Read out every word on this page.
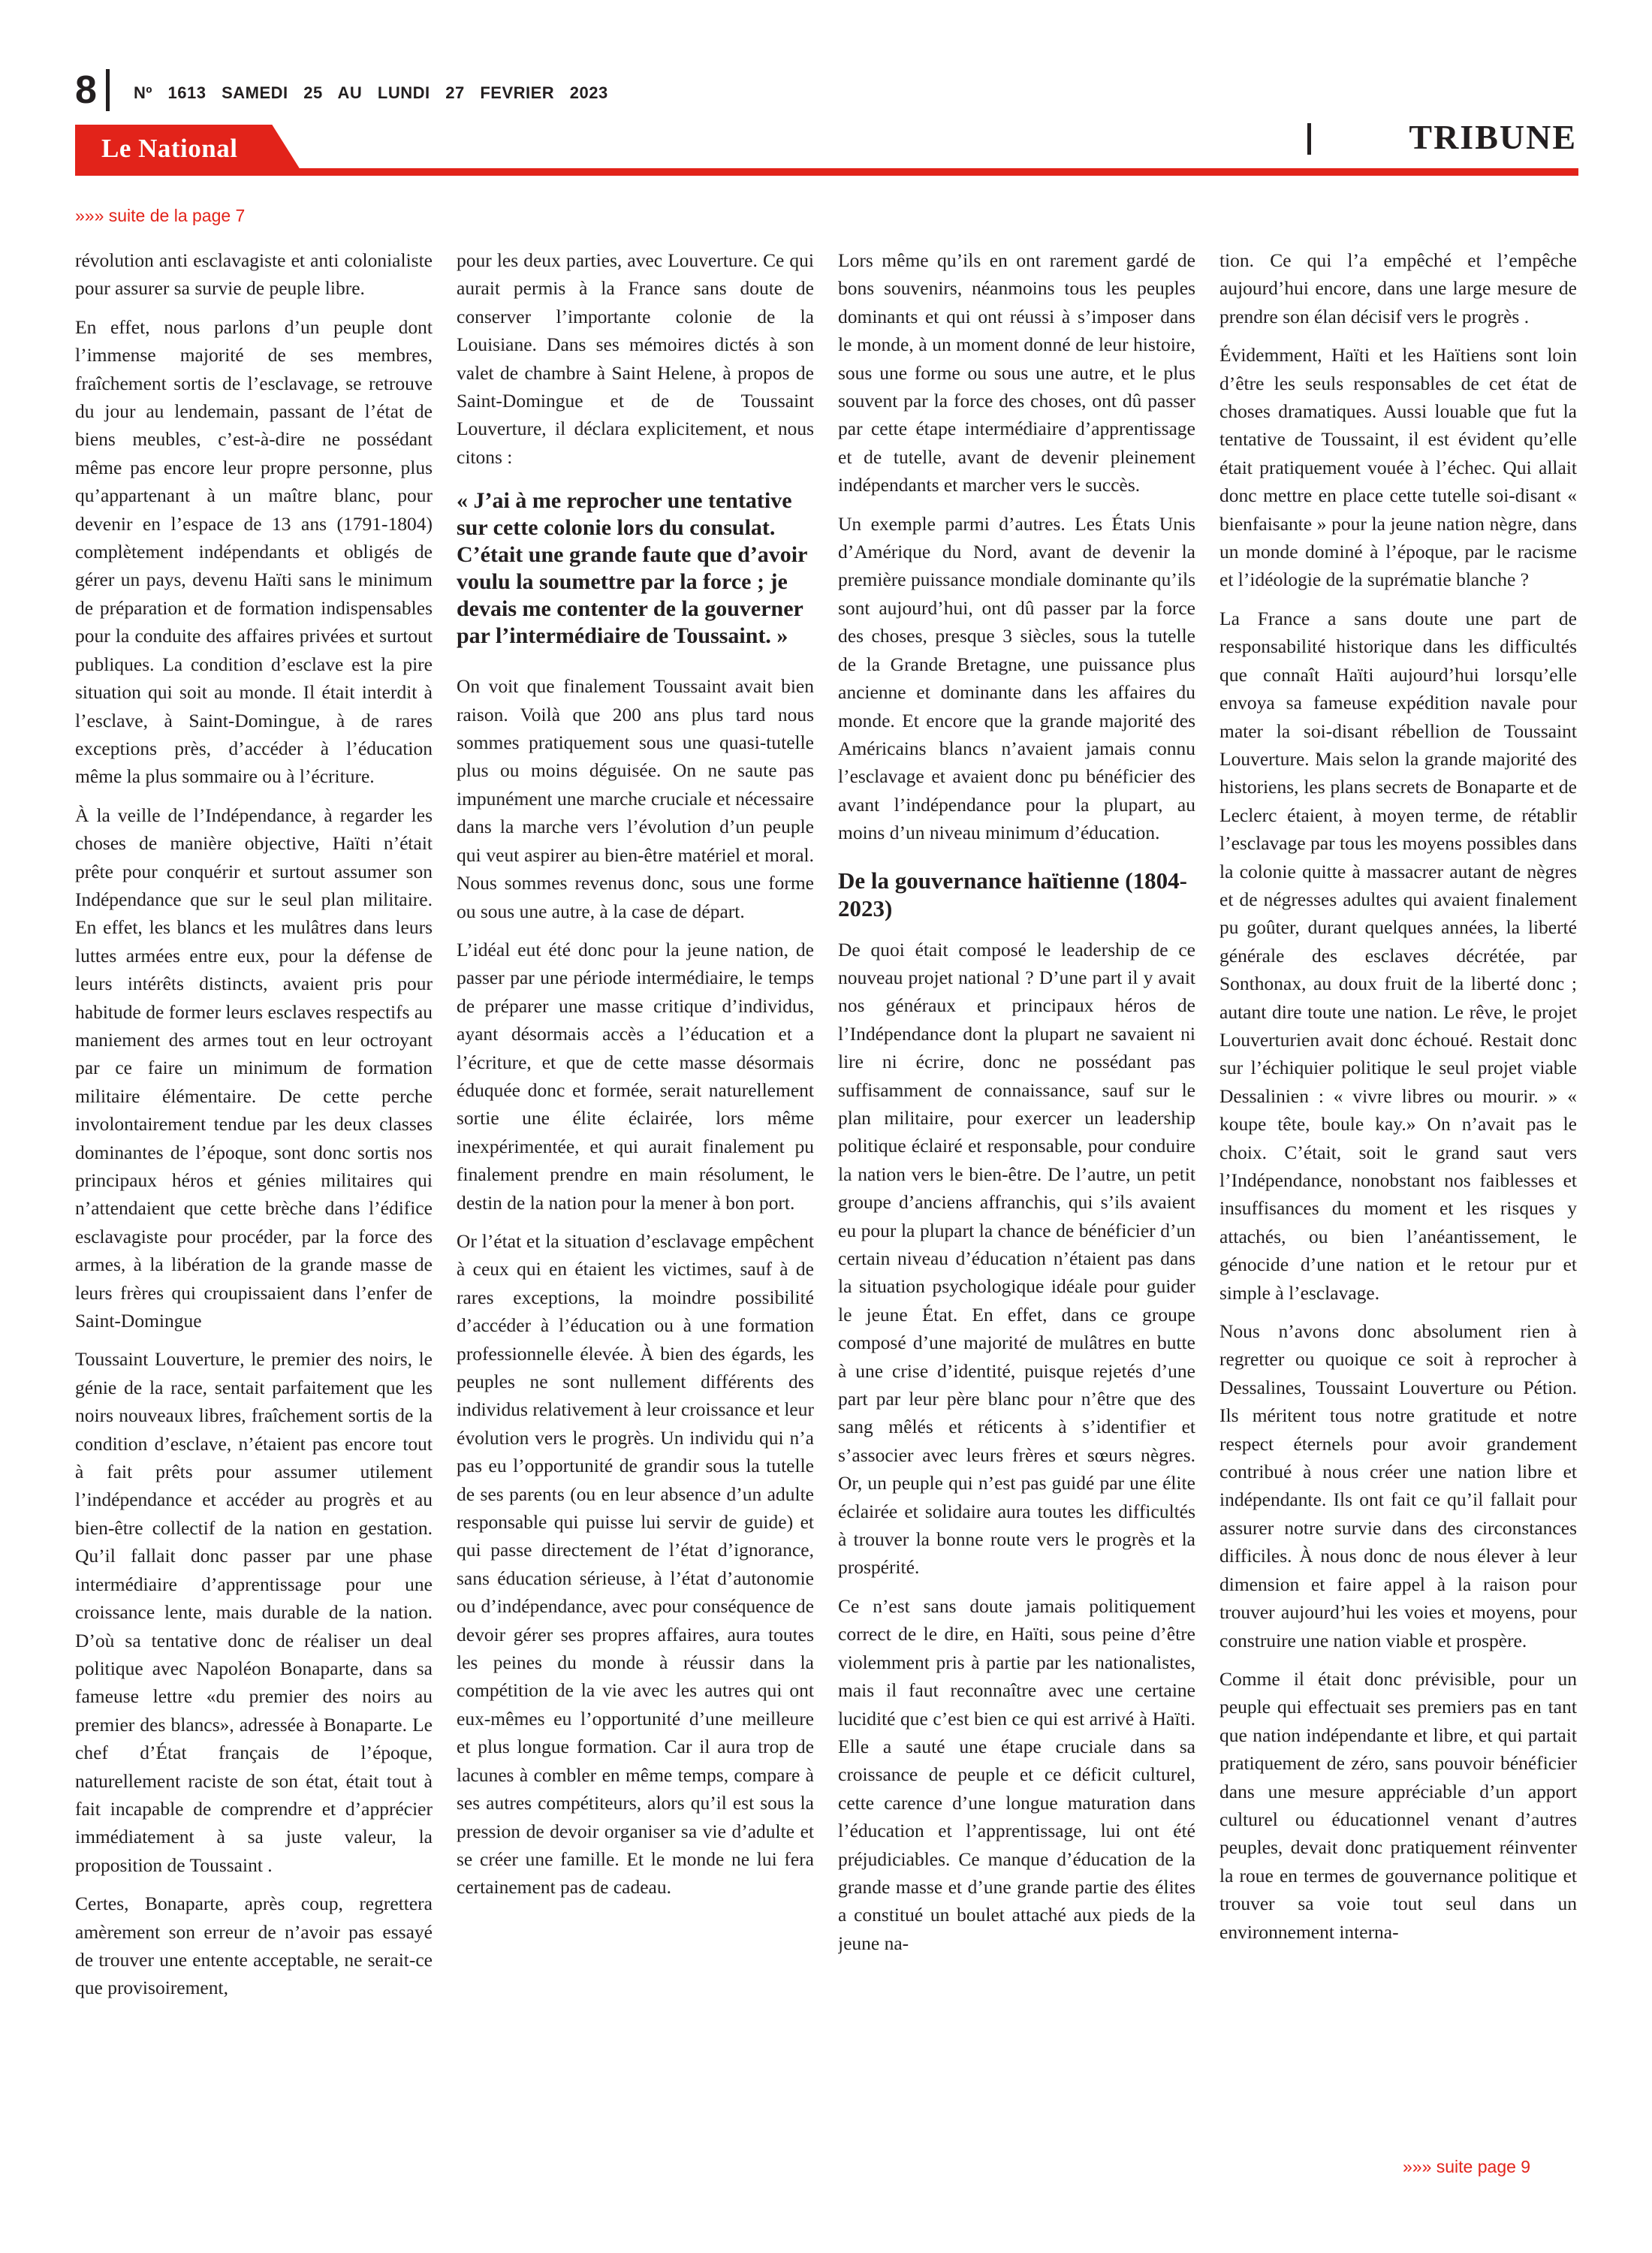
8 Nº 1613 SAMEDI 25 AU LUNDI 27 FEVRIER 2023
Le National	TRIBUNE
»»» suite de la page 7

révolution anti esclavagiste et anti colonialiste pour assurer sa survie de peuple libre.

En effet, nous parlons d’un peuple dont l’immense majorité de ses membres, fraîchement sortis de l’esclavage, se retrouve du jour au lendemain, passant de l’état de biens meubles, c’est-à-dire ne possédant même pas encore leur propre personne, plus qu’appartenant à un maître blanc, pour devenir en l’espace de 13 ans (1791-1804) complètement indépendants et obligés de gérer un pays, devenu Haïti sans le minimum de préparation et de formation indispensables pour la conduite des affaires privées et surtout publiques. La condition d’esclave est la pire situation qui soit au monde. Il était interdit à l’esclave, à Saint-Domingue, à de rares exceptions près, d’accéder à l’éducation même la plus sommaire ou à l’écriture.

À la veille de l’Indépendance, à regarder les choses de manière objective, Haïti n’était prête pour conquérir et surtout assumer son Indépendance que sur le seul plan militaire. En effet, les blancs et les mulâtres dans leurs luttes armées entre eux, pour la défense de leurs intérêts distincts, avaient pris pour habitude de former leurs esclaves respectifs au maniement des armes tout en leur octroyant par ce faire un minimum de formation militaire élémentaire. De cette perche involontairement tendue par les deux classes dominantes de l’époque, sont donc sortis nos principaux héros et génies militaires qui n’attendaient que cette brèche dans l’édifice esclavagiste pour procéder, par la force des armes, à la libération de la grande masse de leurs frères qui croupissaient dans l’enfer de Saint-Domingue

Toussaint Louverture, le premier des noirs, le génie de la race, sentait parfaitement que les noirs nouveaux libres, fraîchement sortis de la condition d’esclave, n’étaient pas encore tout à fait prêts pour assumer utilement l’indépendance et accéder au progrès et au bien-être collectif de la nation en gestation. Qu’il fallait donc passer par une phase intermédiaire d’apprentissage pour une croissance lente, mais durable de la nation. D’où sa tentative donc de réaliser un deal politique avec Napoléon Bonaparte, dans sa fameuse lettre «du premier des noirs au premier des blancs», adressée à Bonaparte. Le chef d’État français de l’époque, naturellement raciste de son état, était tout à fait incapable de comprendre et d’apprécier immédiatement à sa juste valeur, la proposition de Toussaint .

Certes, Bonaparte, après coup, regrettera amèrement son erreur de n’avoir pas essayé de trouver une entente acceptable, ne serait-ce que provisoirement,

pour les deux parties, avec Louverture. Ce qui aurait permis à la France sans doute de conserver l’importante colonie de la Louisiane. Dans ses mémoires dictés à son valet de chambre à Saint Helene, à propos de Saint-Domingue et de de Toussaint Louverture, il déclara explicitement, et nous citons :

« J’ai à me reprocher une tentative sur cette colonie lors du consulat. C’était une grande faute que d’avoir voulu la soumettre par la force ; je devais me contenter de la gouverner par l’intermédiaire de Toussaint. »

On voit que finalement Toussaint avait bien raison. Voilà que 200 ans plus tard nous sommes pratiquement sous une quasi-tutelle plus ou moins déguisée. On ne saute pas impunément une marche cruciale et nécessaire dans la marche vers l’évolution d’un peuple qui veut aspirer au bien-être matériel et moral. Nous sommes revenus donc, sous une forme ou sous une autre, à la case de départ.

L’idéal eut été donc pour la jeune nation, de passer par une période intermédiaire, le temps de préparer une masse critique d’individus, ayant désormais accès a l’éducation et a l’écriture, et que de cette masse désormais éduquée donc et formée, serait naturellement sortie une élite éclairée, lors même inexpérimentée, et qui aurait finalement pu finalement prendre en main résolument, le destin de la nation pour la mener à bon port.

Or l’état et la situation d’esclavage empêchent à ceux qui en étaient les victimes, sauf à de rares exceptions, la moindre possibilité d’accéder à l’éducation ou à une formation professionnelle élevée. À bien des égards, les peuples ne sont nullement différents des individus relativement à leur croissance et leur évolution vers le progrès. Un individu qui n’a pas eu l’opportunité de grandir sous la tutelle de ses parents (ou en leur absence d’un adulte responsable qui puisse lui servir de guide) et qui passe directement de l’état d’ignorance, sans éducation sérieuse, à l’état d’autonomie ou d’indépendance, avec pour conséquence de devoir gérer ses propres affaires, aura toutes les peines du monde à réussir dans la compétition de la vie avec les autres qui ont eux-mêmes eu l’opportunité d’une meilleure et plus longue formation. Car il aura trop de lacunes à combler en même temps, compare à ses autres compétiteurs, alors qu’il est sous la pression de devoir organiser sa vie d’adulte et se créer une famille. Et le monde ne lui fera certainement pas de cadeau.

Lors même qu’ils en ont rarement gardé de bons souvenirs, néanmoins tous les peuples dominants et qui ont réussi à s’imposer dans le monde, à un moment donné de leur histoire, sous une forme ou sous une autre, et le plus souvent par la force des choses, ont dû passer par cette étape intermédiaire d’apprentissage et de tutelle, avant de devenir pleinement indépendants et marcher vers le succès.

Un exemple parmi d’autres. Les États Unis d’Amérique du Nord, avant de devenir la première puissance mondiale dominante qu’ils sont aujourd’hui, ont dû passer par la force des choses, presque 3 siècles, sous la tutelle de la Grande Bretagne, une puissance plus ancienne et dominante dans les affaires du monde. Et encore que la grande majorité des Américains blancs n’avaient jamais connu l’esclavage et avaient donc pu bénéficier des avant l’indépendance pour la plupart, au moins d’un niveau minimum d’éducation.

De la gouvernance haïtienne (1804-2023)

De quoi était composé le leadership de ce nouveau projet national ? D’une part il y avait nos généraux et principaux héros de l’Indépendance dont la plupart ne savaient ni lire ni écrire, donc ne possédant pas suffisamment de connaissance, sauf sur le plan militaire, pour exercer un leadership politique éclairé et responsable, pour conduire la nation vers le bien-être. De l’autre, un petit groupe d’anciens affranchis, qui s’ils avaient eu pour la plupart la chance de bénéficier d’un certain niveau d’éducation n’étaient pas dans la situation psychologique idéale pour guider le jeune État. En effet, dans ce groupe composé d’une majorité de mulâtres en butte à une crise d’identité, puisque rejetés d’une part par leur père blanc pour n’être que des sang mêlés et réticents à s’identifier et s’associer avec leurs frères et sœurs nègres. Or, un peuple qui n’est pas guidé par une élite éclairée et solidaire aura toutes les difficultés à trouver la bonne route vers le progrès et la prospérité.

Ce n’est sans doute jamais politiquement correct de le dire, en Haïti, sous peine d’être violemment pris à partie par les nationalistes, mais il faut reconnaître avec une certaine lucidité que c’est bien ce qui est arrivé à Haïti. Elle a sauté une étape cruciale dans sa croissance de peuple et ce déficit culturel, cette carence d’une longue maturation dans l’éducation et l’apprentissage, lui ont été préjudiciables. Ce manque d’éducation de la grande masse et d’une grande partie des élites a constitué un boulet attaché aux pieds de la jeune na-

tion. Ce qui l’a empêché et l’empêche aujourd’hui encore, dans une large mesure de prendre son élan décisif vers le progrès .

Évidemment, Haïti et les Haïtiens sont loin d’être les seuls responsables de cet état de choses dramatiques. Aussi louable que fut la tentative de Toussaint, il est évident qu’elle était pratiquement vouée à l’échec. Qui allait donc mettre en place cette tutelle soi-disant « bienfaisante » pour la jeune nation nègre, dans un monde dominé à l’époque, par le racisme et l’idéologie de la suprématie blanche ?

La France a sans doute une part de responsabilité historique dans les difficultés que connaît Haïti aujourd’hui lorsqu’elle envoya sa fameuse expédition navale pour mater la soi-disant rébellion de Toussaint Louverture. Mais selon la grande majorité des historiens, les plans secrets de Bonaparte et de Leclerc étaient, à moyen terme, de rétablir l’esclavage par tous les moyens possibles dans la colonie quitte à massacrer autant de nègres et de négresses adultes qui avaient finalement pu goûter, durant quelques années, la liberté générale des esclaves décrétée, par Sonthonax, au doux fruit de la liberté donc ; autant dire toute une nation. Le rêve, le projet Louverturien avait donc échoué. Restait donc sur l’échiquier politique le seul projet viable Dessalinien : « vivre libres ou mourir. » « koupe tête, boule kay.» On n’avait pas le choix. C’était, soit le grand saut vers l’Indépendance, nonobstant nos faiblesses et insuffisances du moment et les risques y attachés, ou bien l’anéantissement, le génocide d’une nation et le retour pur et simple à l’esclavage.

Nous n’avons donc absolument rien à regretter ou quoique ce soit à reprocher à Dessalines, Toussaint Louverture ou Pétion. Ils méritent tous notre gratitude et notre respect éternels pour avoir grandement contribué à nous créer une nation libre et indépendante. Ils ont fait ce qu’il fallait pour assurer notre survie dans des circonstances difficiles. À nous donc de nous élever à leur dimension et faire appel à la raison pour trouver aujourd’hui les voies et moyens, pour construire une nation viable et prospère.

Comme il était donc prévisible, pour un peuple qui effectuait ses premiers pas en tant que nation indépendante et libre, et qui partait pratiquement de zéro, sans pouvoir bénéficier dans une mesure appréciable d’un apport culturel ou éducationnel venant d’autres peuples, devait donc pratiquement réinventer la roue en termes de gouvernance politique et trouver sa voie tout seul dans un environnement interna-

»»» suite page 9
